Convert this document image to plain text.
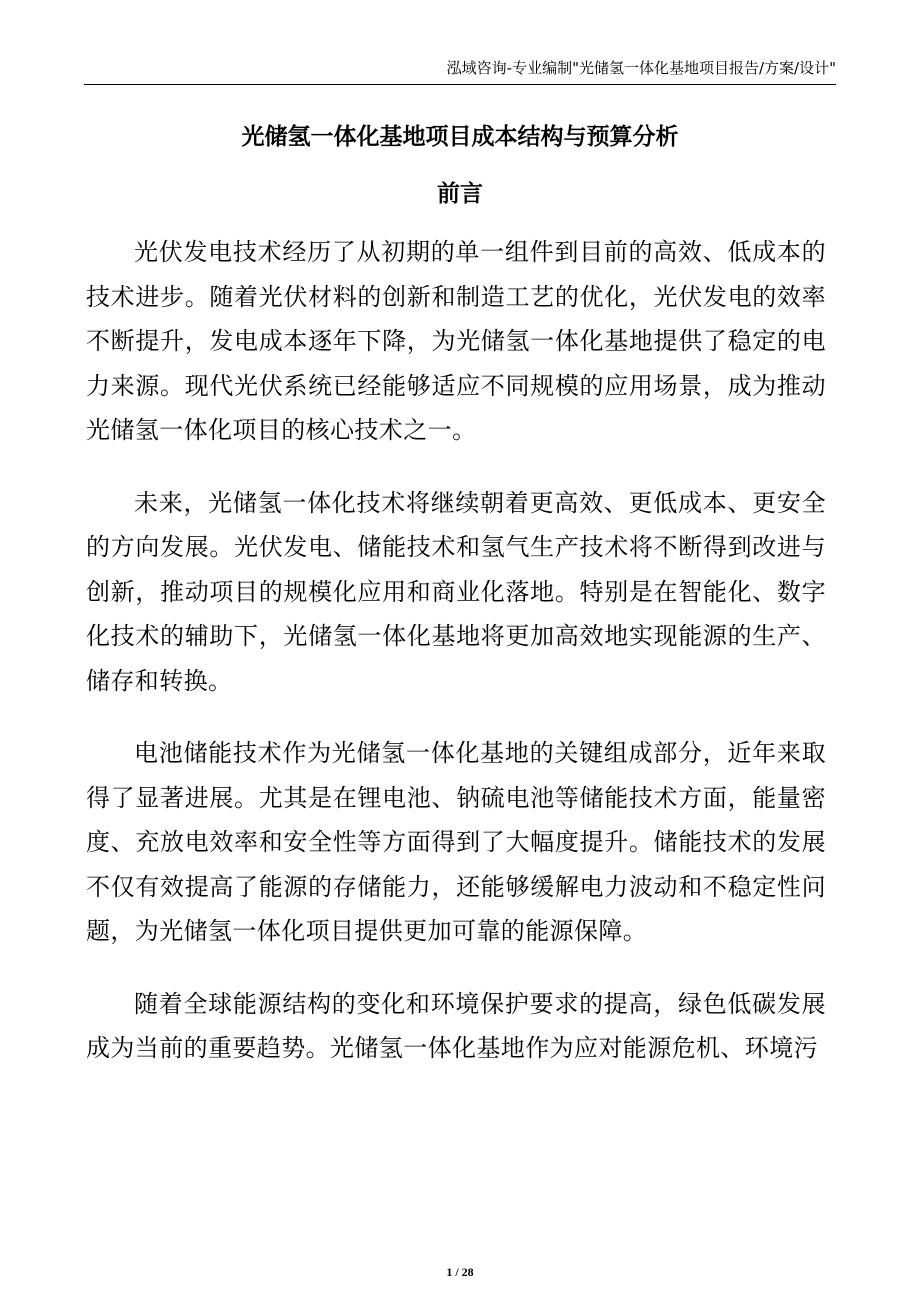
泓域咨询-专业编制"光储氢一体化基地项目报告/方案/设计"
光储氢一体化基地项目成本结构与预算分析
前言

光伏发电技术经历了从初期的单一组件到目前的高效、低成本的技术进步。随着光伏材料的创新和制造工艺的优化，光伏发电的效率不断提升，发电成本逐年下降，为光储氢一体化基地提供了稳定的电力来源。现代光伏系统已经能够适应不同规模的应用场景，成为推动光储氢一体化项目的核心技术之一。

未来，光储氢一体化技术将继续朝着更高效、更低成本、更安全的方向发展。光伏发电、储能技术和氢气生产技术将不断得到改进与创新，推动项目的规模化应用和商业化落地。特别是在智能化、数字化技术的辅助下，光储氢一体化基地将更加高效地实现能源的生产、储存和转换。

电池储能技术作为光储氢一体化基地的关键组成部分，近年来取得了显著进展。尤其是在锂电池、钠硫电池等储能技术方面，能量密度、充放电效率和安全性等方面得到了大幅度提升。储能技术的发展不仅有效提高了能源的存储能力，还能够缓解电力波动和不稳定性问题，为光储氢一体化项目提供更加可靠的能源保障。

随着全球能源结构的变化和环境保护要求的提高，绿色低碳发展成为当前的重要趋势。光储氢一体化基地作为应对能源危机、环境污

1 / 28
